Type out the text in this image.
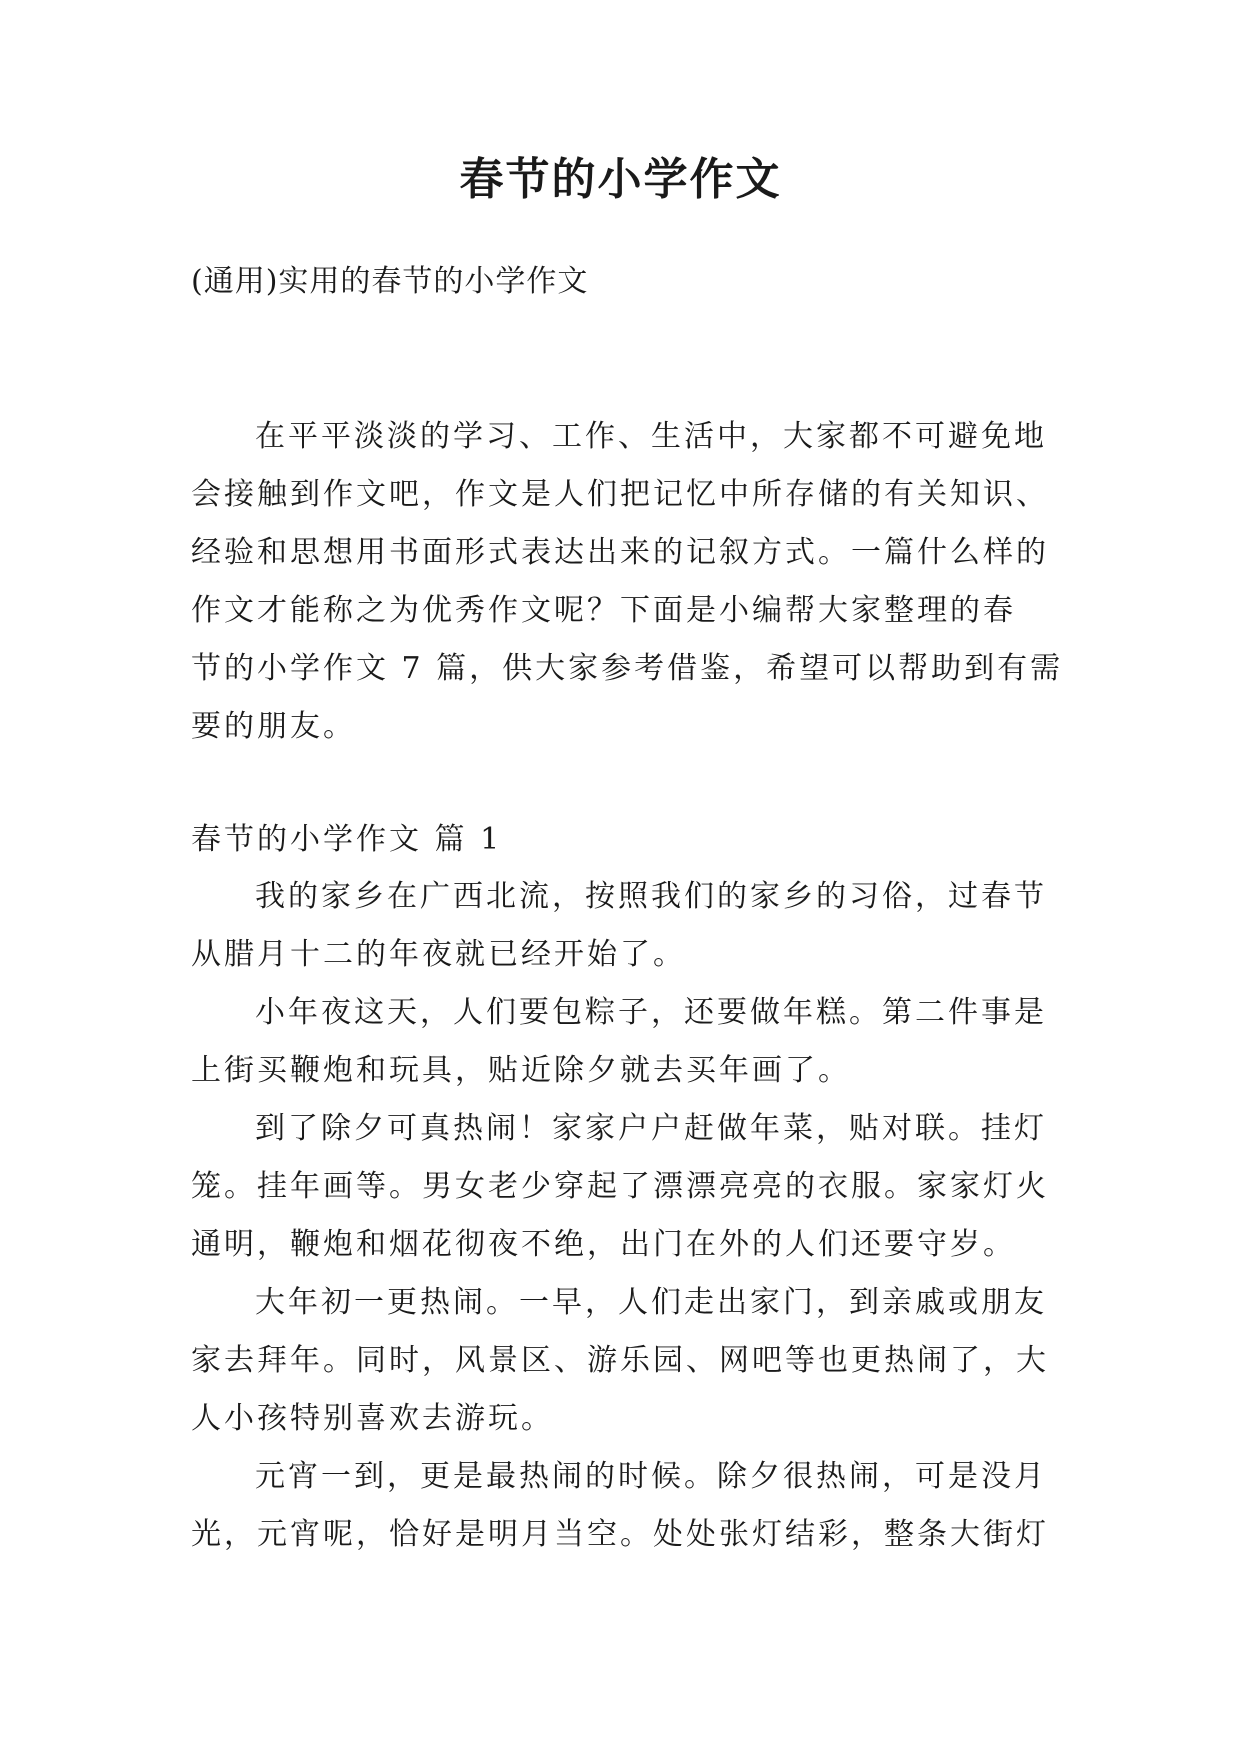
春节的小学作文

(通用)实用的春节的小学作文

在平平淡淡的学习、工作、生活中，大家都不可避免地
会接触到作文吧，作文是人们把记忆中所存储的有关知识、
经验和思想用书面形式表达出来的记叙方式。一篇什么样的
作文才能称之为优秀作文呢？下面是小编帮大家整理的春
节的小学作文 7 篇，供大家参考借鉴，希望可以帮助到有需
要的朋友。

春节的小学作文 篇 1

我的家乡在广西北流，按照我们的家乡的习俗，过春节
从腊月十二的年夜就已经开始了。
小年夜这天，人们要包粽子，还要做年糕。第二件事是
上街买鞭炮和玩具，贴近除夕就去买年画了。
到了除夕可真热闹！家家户户赶做年菜，贴对联。挂灯
笼。挂年画等。男女老少穿起了漂漂亮亮的衣服。家家灯火
通明，鞭炮和烟花彻夜不绝，出门在外的人们还要守岁。
大年初一更热闹。一早，人们走出家门，到亲戚或朋友
家去拜年。同时，风景区、游乐园、网吧等也更热闹了，大
人小孩特别喜欢去游玩。
元宵一到，更是最热闹的时候。除夕很热闹，可是没月
光，元宵呢，恰好是明月当空。处处张灯结彩，整条大街灯
